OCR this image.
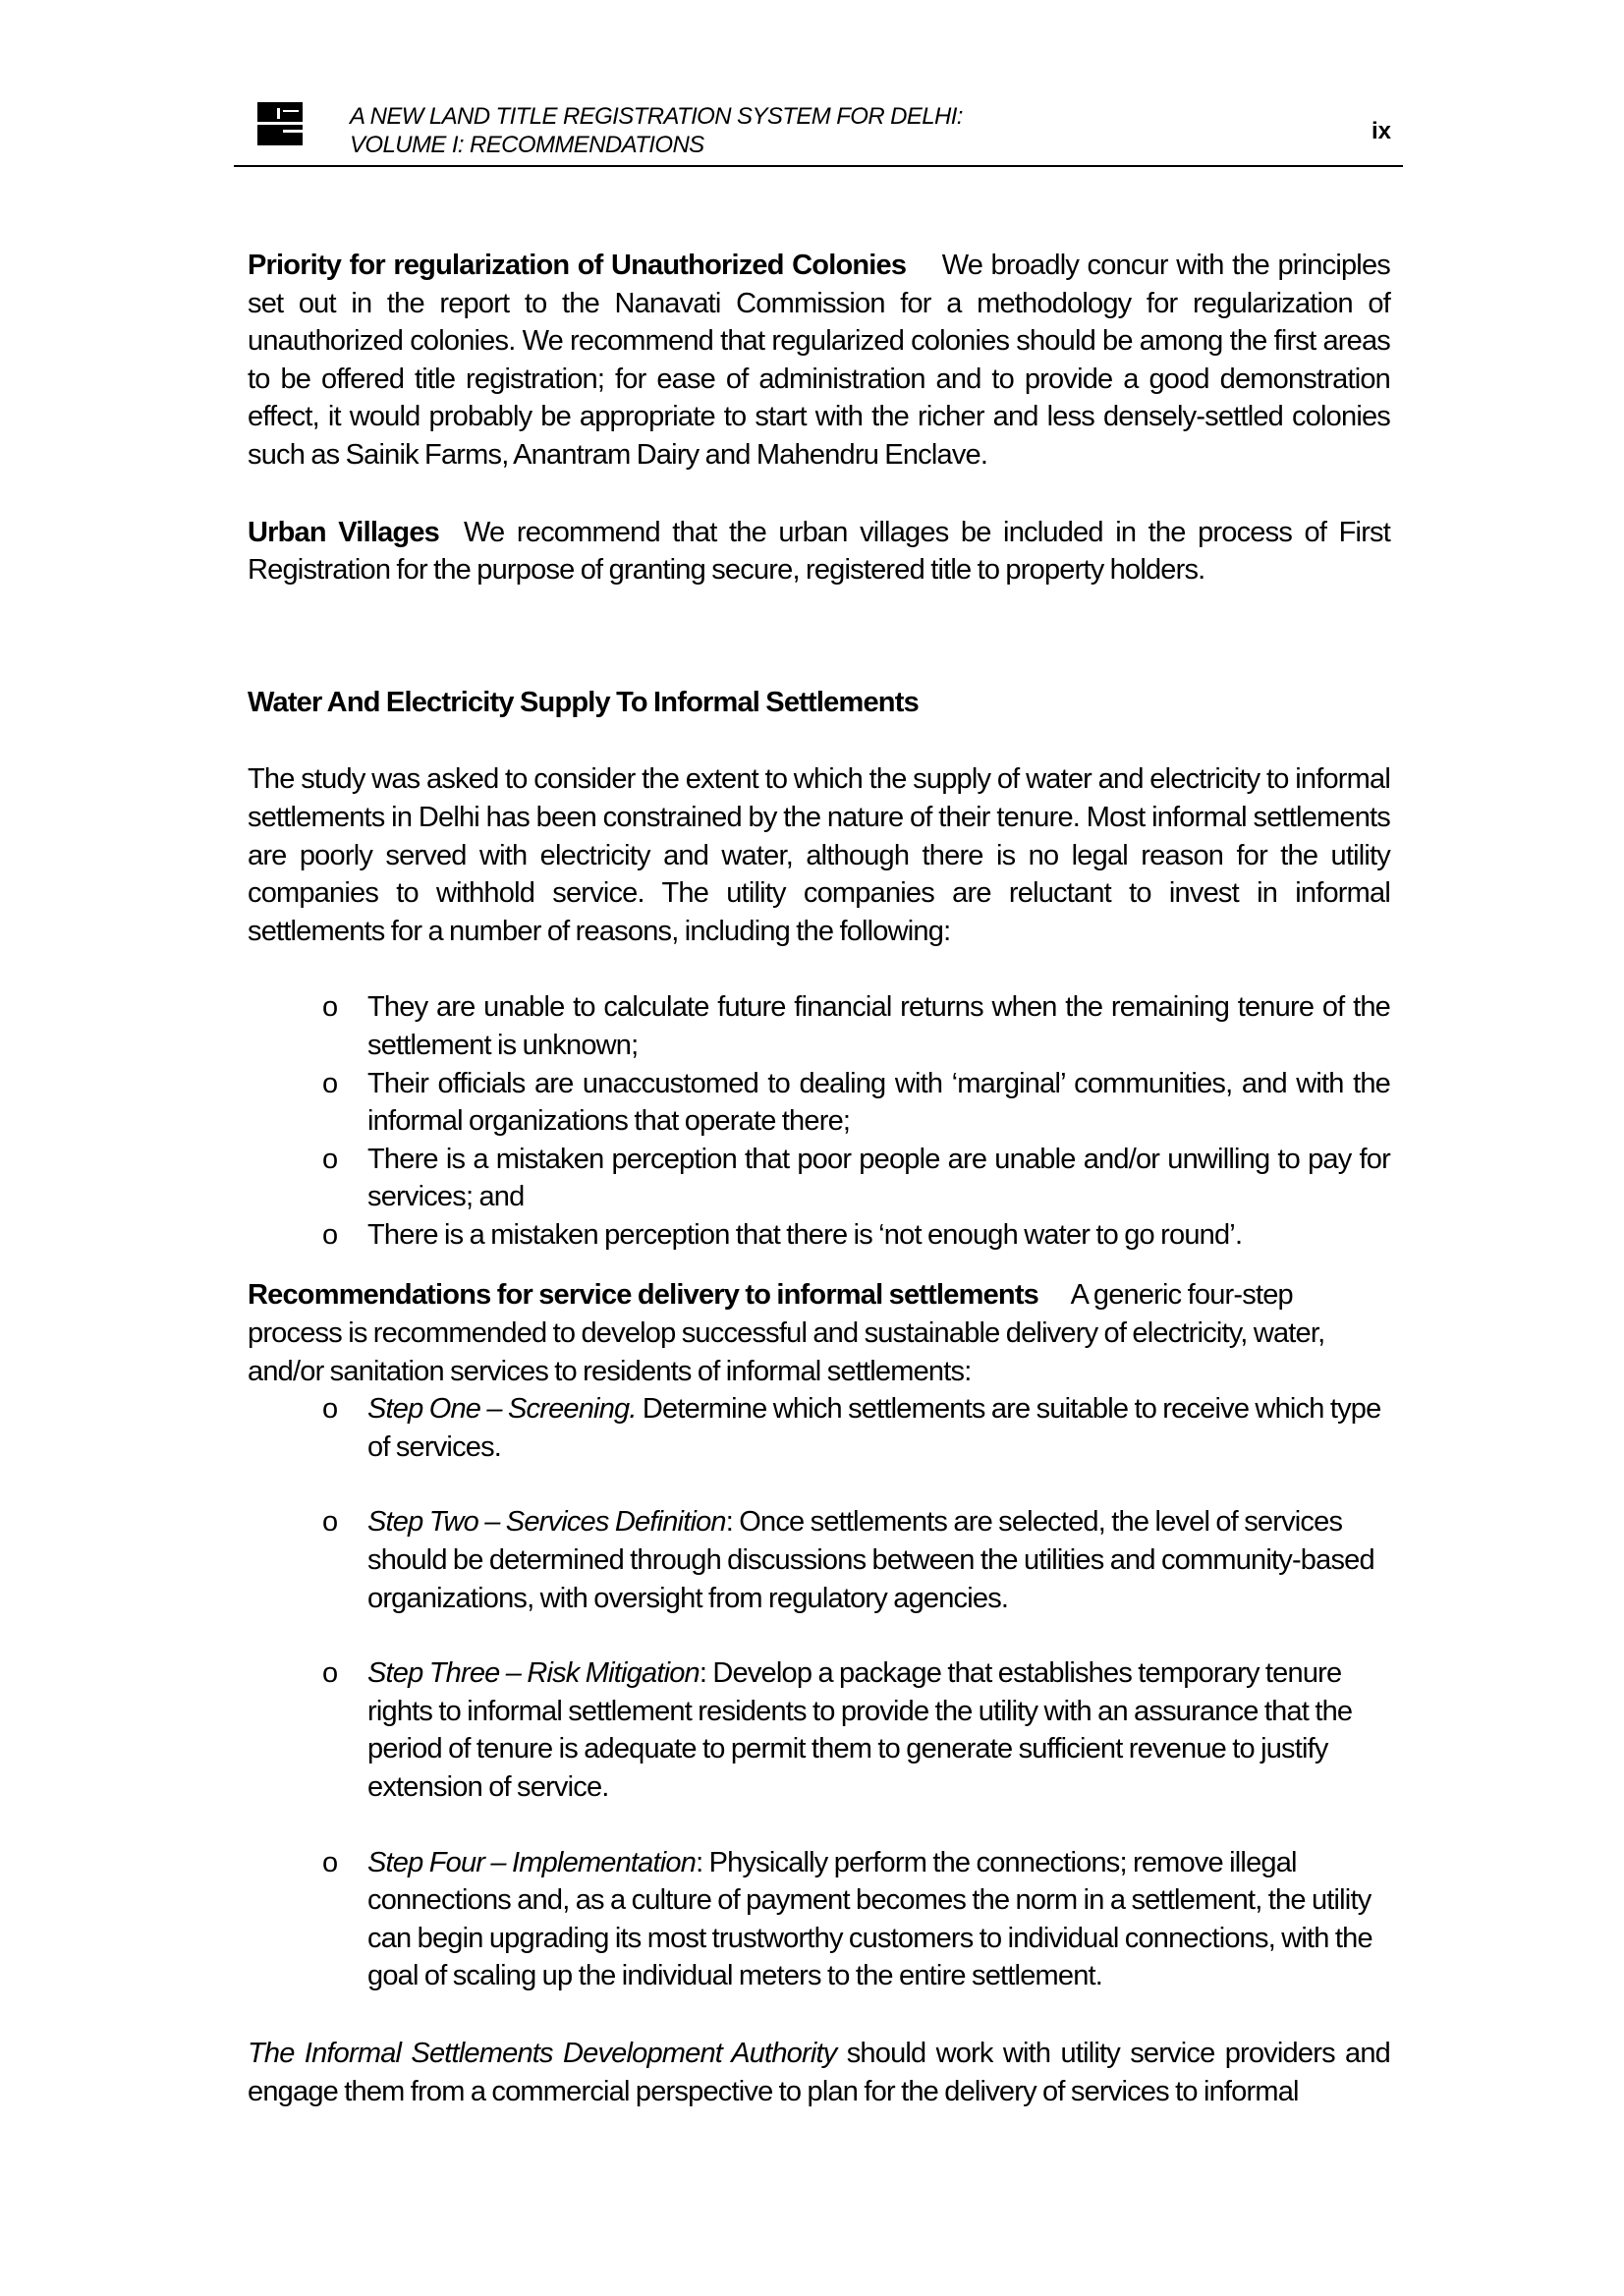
A NEW LAND TITLE REGISTRATION SYSTEM FOR DELHI:
VOLUME I: RECOMMENDATIONS
ix

Priority for regularization of Unauthorized Colonies We broadly concur with the principles set out in the report to the Nanavati Commission for a methodology for regularization of unauthorized colonies. We recommend that regularized colonies should be among the first areas to be offered title registration; for ease of administration and to provide a good demonstration effect, it would probably be appropriate to start with the richer and less densely-settled colonies such as Sainik Farms, Anantram Dairy and Mahendru Enclave.

Urban Villages We recommend that the urban villages be included in the process of First Registration for the purpose of granting secure, registered title to property holders.

Water And Electricity Supply To Informal Settlements

The study was asked to consider the extent to which the supply of water and electricity to informal settlements in Delhi has been constrained by the nature of their tenure. Most informal settlements are poorly served with electricity and water, although there is no legal reason for the utility companies to withhold service. The utility companies are reluctant to invest in informal settlements for a number of reasons, including the following:

o They are unable to calculate future financial returns when the remaining tenure of the settlement is unknown;
o Their officials are unaccustomed to dealing with ‘marginal’ communities, and with the informal organizations that operate there;
o There is a mistaken perception that poor people are unable and/or unwilling to pay for services; and
o There is a mistaken perception that there is ‘not enough water to go round’.

Recommendations for service delivery to informal settlements A generic four-step process is recommended to develop successful and sustainable delivery of electricity, water, and/or sanitation services to residents of informal settlements:

o Step One – Screening. Determine which settlements are suitable to receive which type of services.
o Step Two – Services Definition: Once settlements are selected, the level of services should be determined through discussions between the utilities and community-based organizations, with oversight from regulatory agencies.
o Step Three – Risk Mitigation: Develop a package that establishes temporary tenure rights to informal settlement residents to provide the utility with an assurance that the period of tenure is adequate to permit them to generate sufficient revenue to justify extension of service.
o Step Four – Implementation: Physically perform the connections; remove illegal connections and, as a culture of payment becomes the norm in a settlement, the utility can begin upgrading its most trustworthy customers to individual connections, with the goal of scaling up the individual meters to the entire settlement.

The Informal Settlements Development Authority should work with utility service providers and engage them from a commercial perspective to plan for the delivery of services to informal
